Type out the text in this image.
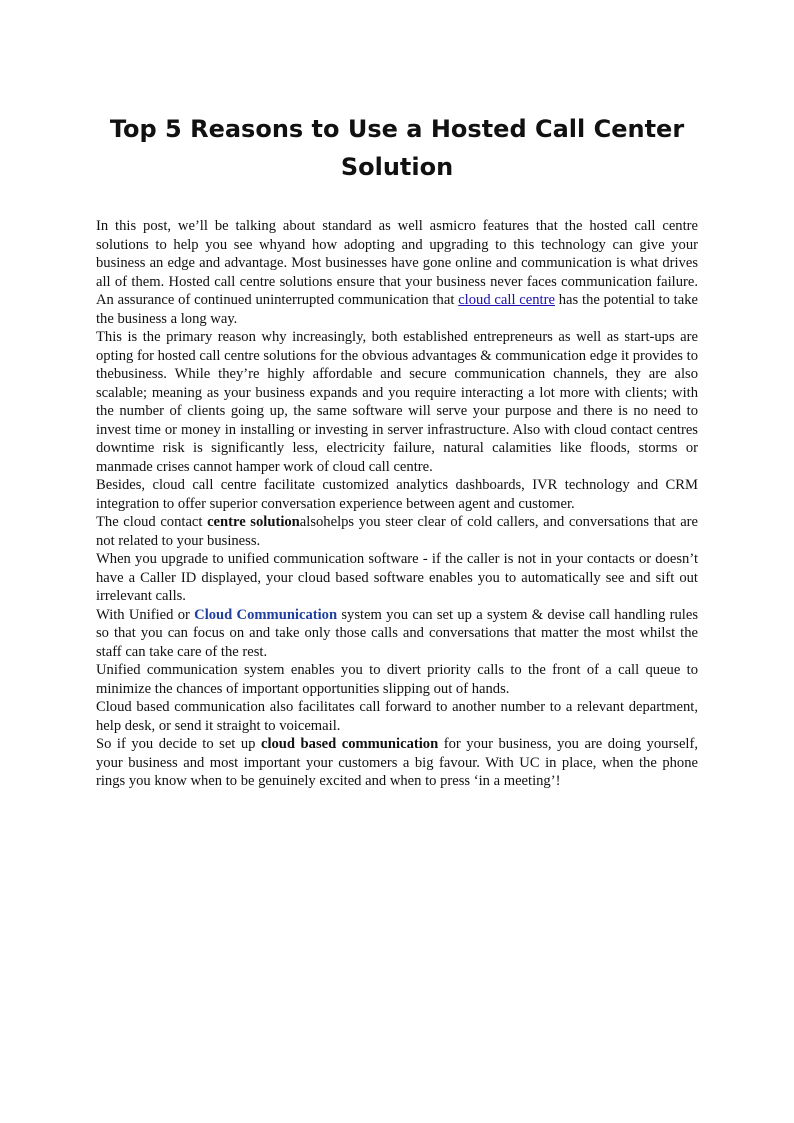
Top 5 Reasons to Use a Hosted Call Center Solution

In this post, we’ll be talking about standard as well asmicro features that the hosted call centre solutions to help you see whyand how adopting and upgrading to this technology can give your business an edge and advantage. Most businesses have gone online and communication is what drives all of them. Hosted call centre solutions ensure that your business never faces communication failure. An assurance of continued uninterrupted communication that cloud call centre has the potential to take the business a long way.

This is the primary reason why increasingly, both established entrepreneurs as well as start-ups are opting for hosted call centre solutions for the obvious advantages & communication edge it provides to thebusiness. While they’re highly affordable and secure communication channels, they are also scalable; meaning as your business expands and you require interacting a lot more with clients; with the number of clients going up, the same software will serve your purpose and there is no need to invest time or money in installing or investing in server infrastructure. Also with cloud contact centres downtime risk is significantly less, electricity failure, natural calamities like floods, storms or manmade crises cannot hamper work of cloud call centre.

Besides, cloud call centre facilitate customized analytics dashboards, IVR technology and CRM integration to offer superior conversation experience between agent and customer.

The cloud contact centre solutionalsohelps you steer clear of cold callers, and conversations that are not related to your business.

When you upgrade to unified communication software - if the caller is not in your contacts or doesn’t have a Caller ID displayed, your cloud based software enables you to automatically see and sift out irrelevant calls.

With Unified or Cloud Communication system you can set up a system & devise call handling rules so that you can focus on and take only those calls and conversations that matter the most whilst the staff can take care of the rest.

Unified communication system enables you to divert priority calls to the front of a call queue to minimize the chances of important opportunities slipping out of hands.

Cloud based communication also facilitates call forward to another number to a relevant department, help desk, or send it straight to voicemail.

So if you decide to set up cloud based communication for your business, you are doing yourself, your business and most important your customers a big favour. With UC in place, when the phone rings you know when to be genuinely excited and when to press ‘in a meeting’!
